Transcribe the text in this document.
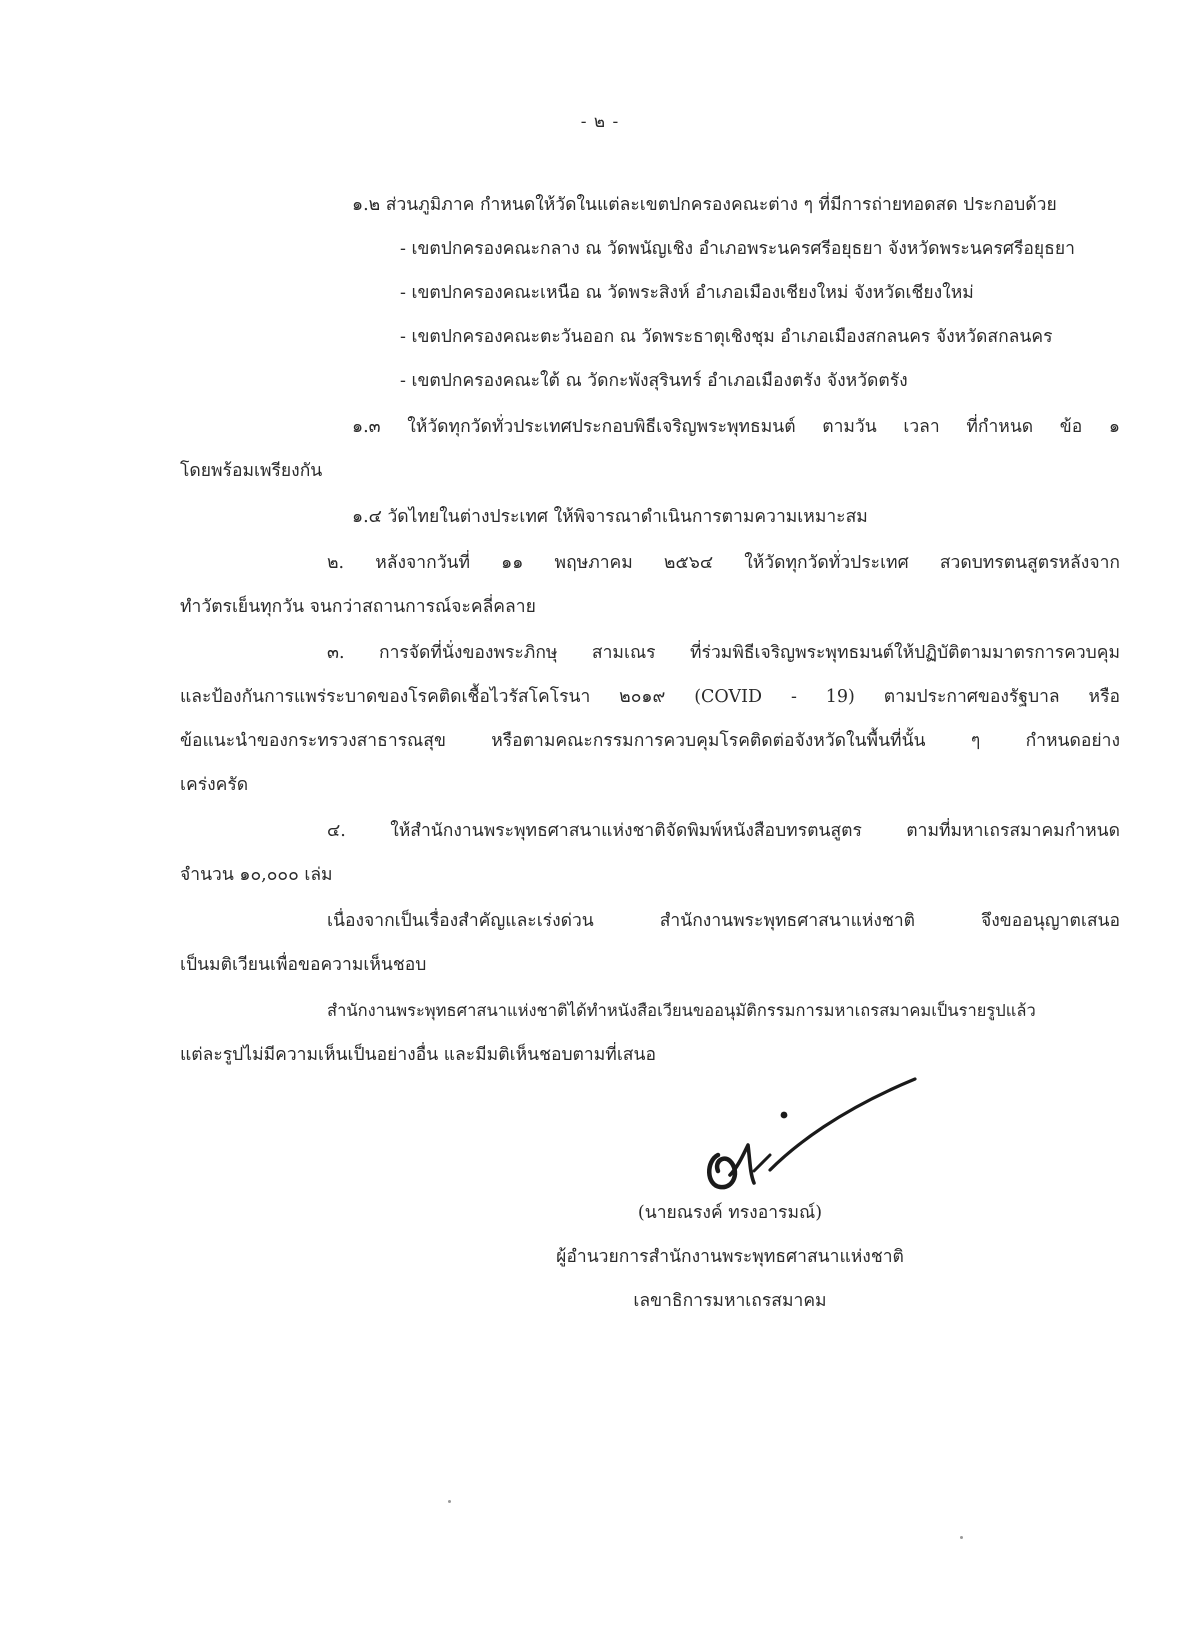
- ๒ -
๑.๒ ส่วนภูมิภาค กำหนดให้วัดในแต่ละเขตปกครองคณะต่าง ๆ ที่มีการถ่ายทอดสด ประกอบด้วย
- เขตปกครองคณะกลาง ณ วัดพนัญเชิง อำเภอพระนครศรีอยุธยา จังหวัดพระนครศรีอยุธยา
- เขตปกครองคณะเหนือ ณ วัดพระสิงห์ อำเภอเมืองเชียงใหม่ จังหวัดเชียงใหม่
- เขตปกครองคณะตะวันออก ณ วัดพระธาตุเชิงชุม อำเภอเมืองสกลนคร จังหวัดสกลนคร
- เขตปกครองคณะใต้ ณ วัดกะพังสุรินทร์ อำเภอเมืองตรัง จังหวัดตรัง
๑.๓ ให้วัดทุกวัดทั่วประเทศประกอบพิธีเจริญพระพุทธมนต์ ตามวัน เวลา ที่กำหนด ข้อ ๑
โดยพร้อมเพรียงกัน
๑.๔ วัดไทยในต่างประเทศ ให้พิจารณาดำเนินการตามความเหมาะสม
๒. หลังจากวันที่ ๑๑ พฤษภาคม ๒๕๖๔ ให้วัดทุกวัดทั่วประเทศ สวดบทรตนสูตรหลังจาก
ทำวัตรเย็นทุกวัน จนกว่าสถานการณ์จะคลี่คลาย
๓. การจัดที่นั่งของพระภิกษุ สามเณร ที่ร่วมพิธีเจริญพระพุทธมนต์ให้ปฏิบัติตามมาตรการควบคุม
และป้องกันการแพร่ระบาดของโรคติดเชื้อไวรัสโคโรนา ๒๐๑๙ (COVID - 19) ตามประกาศของรัฐบาล หรือ
ข้อแนะนำของกระทรวงสาธารณสุข หรือตามคณะกรรมการควบคุมโรคติดต่อจังหวัดในพื้นที่นั้น ๆ กำหนดอย่าง
เคร่งครัด
๔. ให้สำนักงานพระพุทธศาสนาแห่งชาติจัดพิมพ์หนังสือบทรตนสูตร ตามที่มหาเถรสมาคมกำหนด
จำนวน ๑๐,๐๐๐ เล่ม
เนื่องจากเป็นเรื่องสำคัญและเร่งด่วน สำนักงานพระพุทธศาสนาแห่งชาติ จึงขออนุญาตเสนอ
เป็นมติเวียนเพื่อขอความเห็นชอบ
สำนักงานพระพุทธศาสนาแห่งชาติได้ทำหนังสือเวียนขออนุมัติกรรมการมหาเถรสมาคมเป็นรายรูปแล้ว
แต่ละรูปไม่มีความเห็นเป็นอย่างอื่น และมีมติเห็นชอบตามที่เสนอ
(นายณรงค์ ทรงอารมณ์)
ผู้อำนวยการสำนักงานพระพุทธศาสนาแห่งชาติ
เลขาธิการมหาเถรสมาคม
